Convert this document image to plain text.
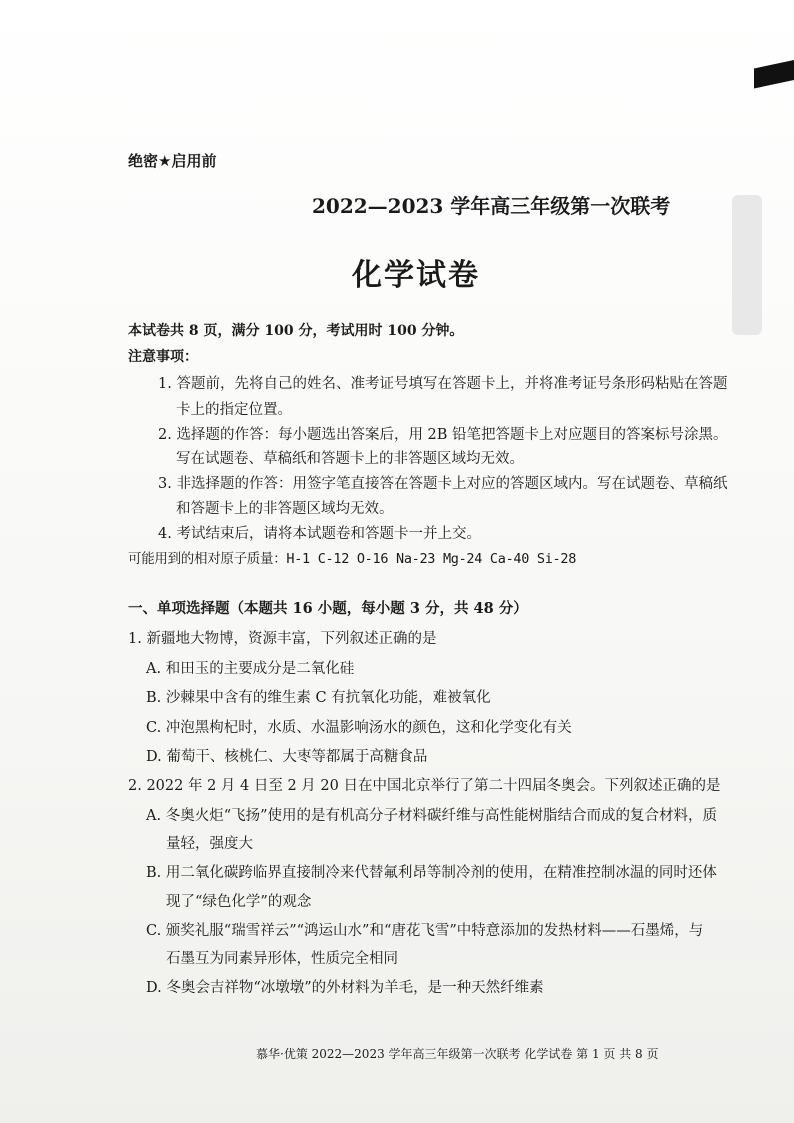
绝密★启用前
2022—2023 学年高三年级第一次联考
化学试卷
本试卷共 8 页，满分 100 分，考试用时 100 分钟。
注意事项：
1. 答题前，先将自己的姓名、准考证号填写在答题卡上，并将准考证号条形码粘贴在答题
卡上的指定位置。
2. 选择题的作答：每小题选出答案后，用 2B 铅笔把答题卡上对应题目的答案标号涂黑。
写在试题卷、草稿纸和答题卡上的非答题区域均无效。
3. 非选择题的作答：用签字笔直接答在答题卡上对应的答题区域内。写在试题卷、草稿纸
和答题卡上的非答题区域均无效。
4. 考试结束后，请将本试题卷和答题卡一并上交。
可能用到的相对原子质量：H-1 C-12 O-16 Na-23 Mg-24 Ca-40 Si-28
一、单项选择题（本题共 16 小题，每小题 3 分，共 48 分）
1. 新疆地大物博，资源丰富，下列叙述正确的是
A. 和田玉的主要成分是二氧化硅
B. 沙棘果中含有的维生素 C 有抗氧化功能，难被氧化
C. 冲泡黑枸杞时，水质、水温影响汤水的颜色，这和化学变化有关
D. 葡萄干、核桃仁、大枣等都属于高糖食品
2. 2022 年 2 月 4 日至 2 月 20 日在中国北京举行了第二十四届冬奥会。下列叙述正确的是
A. 冬奥火炬“飞扬”使用的是有机高分子材料碳纤维与高性能树脂结合而成的复合材料，质
量轻，强度大
B. 用二氧化碳跨临界直接制冷来代替氟利昂等制冷剂的使用，在精准控制冰温的同时还体
现了“绿色化学”的观念
C. 颁奖礼服“瑞雪祥云”“鸿运山水”和“唐花飞雪”中特意添加的发热材料——石墨烯，与
石墨互为同素异形体，性质完全相同
D. 冬奥会吉祥物“冰墩墩”的外材料为羊毛，是一种天然纤维素
慕华·优策 2022—2023 学年高三年级第一次联考 化学试卷 第 1 页 共 8 页
